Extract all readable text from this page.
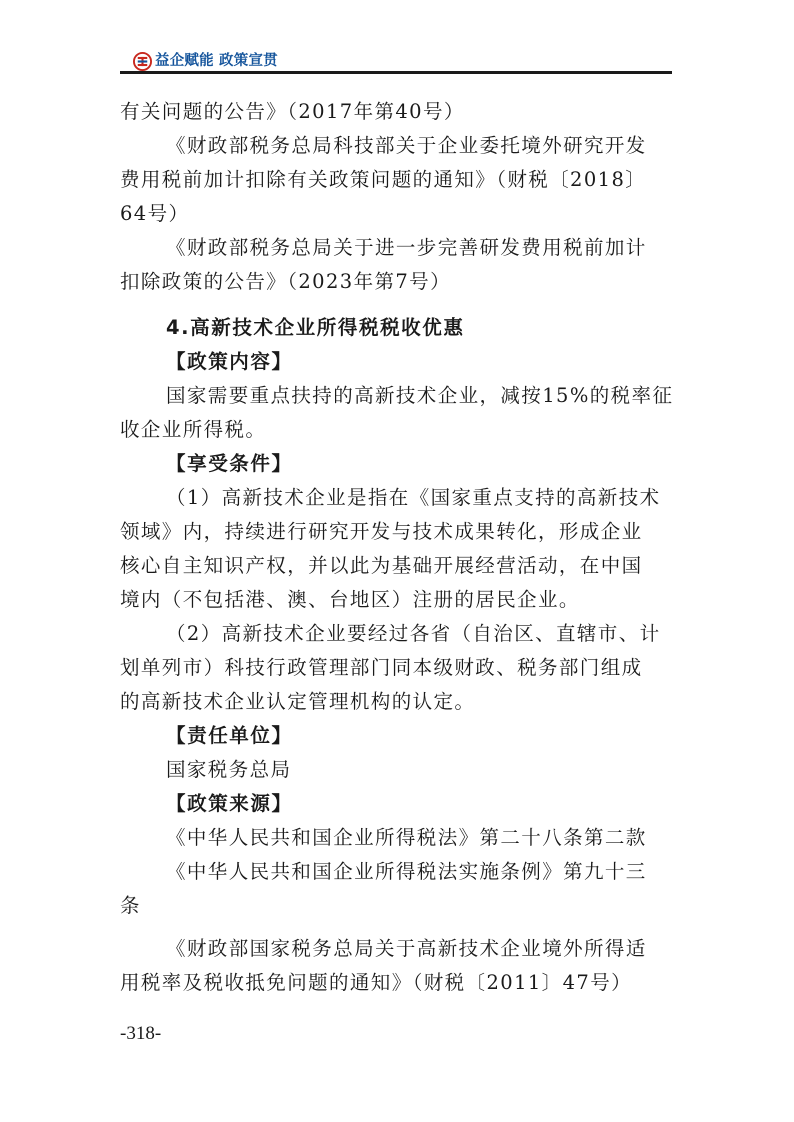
益企赋能 政策宣贯

有关问题的公告》（2017年第40号）

《财政部税务总局科技部关于企业委托境外研究开发

费用税前加计扣除有关政策问题的通知》（财税〔2018〕

64号）

《财政部税务总局关于进一步完善研发费用税前加计

扣除政策的公告》（2023年第7号）

4.高新技术企业所得税税收优惠

【政策内容】

国家需要重点扶持的高新技术企业，减按15%的税率征

收企业所得税。

【享受条件】

（1）高新技术企业是指在《国家重点支持的高新技术

领域》内，持续进行研究开发与技术成果转化，形成企业

核心自主知识产权，并以此为基础开展经营活动，在中国

境内（不包括港、澳、台地区）注册的居民企业。

（2）高新技术企业要经过各省（自治区、直辖市、计

划单列市）科技行政管理部门同本级财政、税务部门组成

的高新技术企业认定管理机构的认定。

【责任单位】

国家税务总局

【政策来源】

《中华人民共和国企业所得税法》第二十八条第二款

《中华人民共和国企业所得税法实施条例》第九十三

条

《财政部国家税务总局关于高新技术企业境外所得适

用税率及税收抵免问题的通知》（财税〔2011〕47号）

-318-
